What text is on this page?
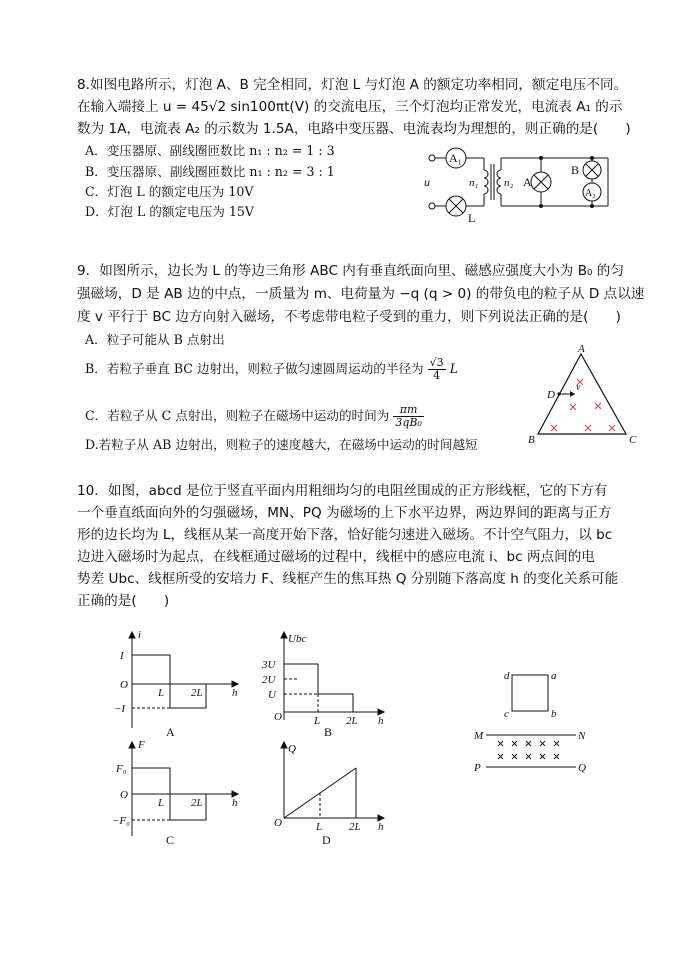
8.如图电路所示，灯泡 A、B 完全相同，灯泡 L 与灯泡 A 的额定功率相同，额定电压不同。
在输入端接上 u = 45√2 sin100πt(V) 的交流电压，三个灯泡均正常发光，电流表 A₁ 的示
数为 1A，电流表 A₂ 的示数为 1.5A，电路中变压器、电流表均为理想的，则正确的是(　　)
A．变压器原、副线圈匝数比 n₁ : n₂ = 1 : 3
B．变压器原、副线圈匝数比 n₁ : n₂ = 3 : 1
C．灯泡 L 的额定电压为 10V
D．灯泡 L 的额定电压为 15V
A₁
A₂
u	n₁ n₂ A
B
L
9．如图所示，边长为 L 的等边三角形 ABC 内有垂直纸面向里、磁感应强度大小为 B₀ 的匀
强磁场，D 是 AB 边的中点，一质量为 m、电荷量为 −q (q > 0) 的带负电的粒子从 D 点以速
度 v 平行于 BC 边方向射入磁场，不考虑带电粒子受到的重力，则下列说法正确的是(　　)
A．粒子可能从 B 点射出
B．若粒子垂直 BC 边射出，则粒子做匀速圆周运动的半径为 $\frac{√3}{4}$ L
C．若粒子从 C 点射出，则粒子在磁场中运动的时间为 $\frac{\pi m}{\text{3qB₀}}$
D.若粒子从 AB 边射出，则粒子的速度越大，在磁场中运动的时间越短
A
B	C
D
v
10．如图，abcd 是位于竖直平面内用粗细均匀的电阻丝围成的正方形线框，它的下方有
一个垂直纸面向外的匀强磁场，MN、PQ 为磁场的上下水平边界，两边界间的距离与正方
形的边长均为 L，线框从某一高度开始下落，恰好能匀速进入磁场。不计空气阻力，以 bc
边进入磁场时为起点，在线框通过磁场的过程中，线框中的感应电流 i、bc 两点间的电
势差 Ubc、线框所受的安培力 F、线框产生的焦耳热 Q 分别随下落高度 h 的变化关系可能
正确的是(　　)
i
I
O
−I
L 2L	h
A
Ubc
3U
2U
U
O	L 2L h
B
F
F₀
O
−F₀
L 2L	h
C
Q
O	L 2L h
D
d	a
c	b
M	N
P	Q
